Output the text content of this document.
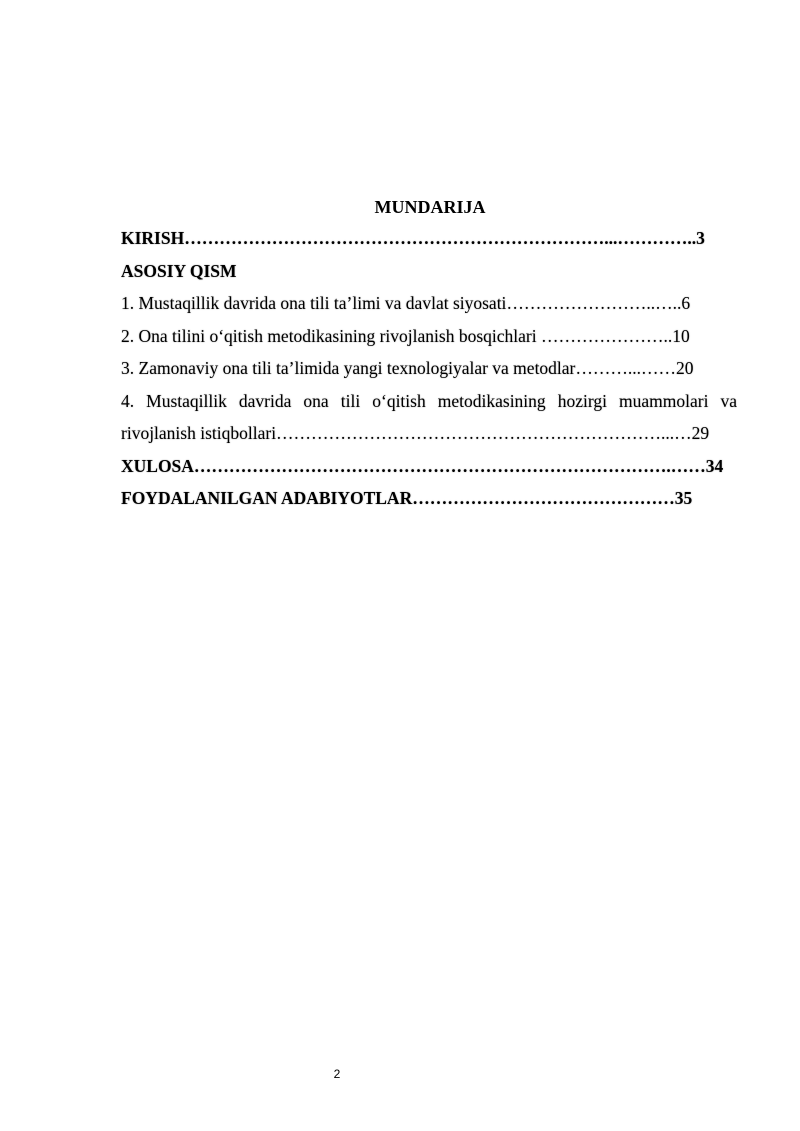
MUNDARIJA
KIRISH………………………………………………………………...…………..3
ASOSIY QISM
1. Mustaqillik davrida ona tili ta’limi va davlat siyosati……………………..…..6
2. Ona tilini o‘qitish metodikasining rivojlanish bosqichlari …………………..10
3. Zamonaviy ona tili ta’limida yangi texnologiyalar va metodlar………...……20
4. Mustaqillik davrida ona tili o‘qitish metodikasining hozirgi muammolari va
rivojlanish istiqbollari…………………………………………………………...…29
XULOSA……………………………………………………………………….……34
FOYDALANILGAN ADABIYOTLAR………………………………………35
2
